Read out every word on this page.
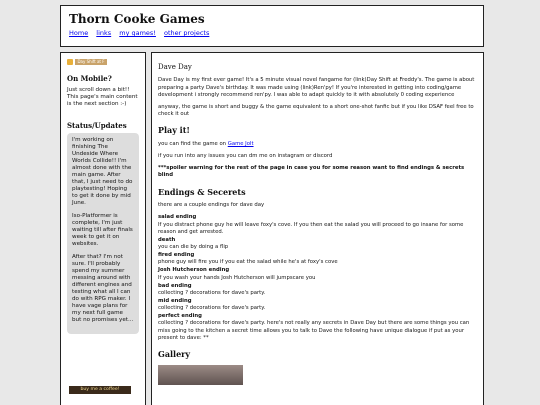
Thorn Cooke Games
Home links my games! other projects
Day Shift at F
On Mobile?
Just scroll down a bit!! This page's main content is the next section :-)
Status/Updates
I'm working on finishing The Undeside Where Worlds Collide!! I'm almost done with the main game. After that, I just need to do playtesting! Hoping to get it done by mid June.
Iso-Platformer is complete, I'm just waiting till after finals week to get it on websites.
After that? I'm not sure. I'll probably spend my summer messing around with different engines and testing what all I can do with RPG maker. I have vage plans for my next full game but no promises yet...
buy me a coffee!
Dave Day

Dave Day is my first ever game! It's a 5 minute visual novel fangame for (link)Day Shift at Freddy's. The game is about preparing a party Dave's birthday. It was made using (link)Ren'py! If you're interested in getting into coding/game development i strongly recommend ren'py. I was able to adapt quickly to it with absolutely 0 coding experience

anyway, the game is short and buggy & the game equivalent to a short one-shot fanfic but if you like DSAF feel free to check it out

Play it!

you can find the game on Game Jolt

if you run into any issues you can dm me on instagram or discord

***spoiler warning for the rest of the page in case you for some reason want to find endings & secrets blind

Endings & Secerets

there are a couple endings for dave day

salad ending
If you distract phone guy he will leave foxy's cove. If you then eat the salad you will proceed to go insane for some reason and get arrested.
death
you can die by doing a flip
fired ending
phone guy will fire you if you eat the salad while he's at foxy's cove
Josh Hutcherson ending
If you wash your hands Josh Hutcherson will jumpscare you
bad ending
collecting ? decorations for dave's party.
mid ending
collecting ? decorations for dave's party.
perfect ending
collecting ? decorations for dave's party. here's not really any secrets in Dave Day but there are some things you can miss going to the kitchen a secret time allows you to talk to Dave the following have unique dialogue if put as your present to dave: **
Gallery
